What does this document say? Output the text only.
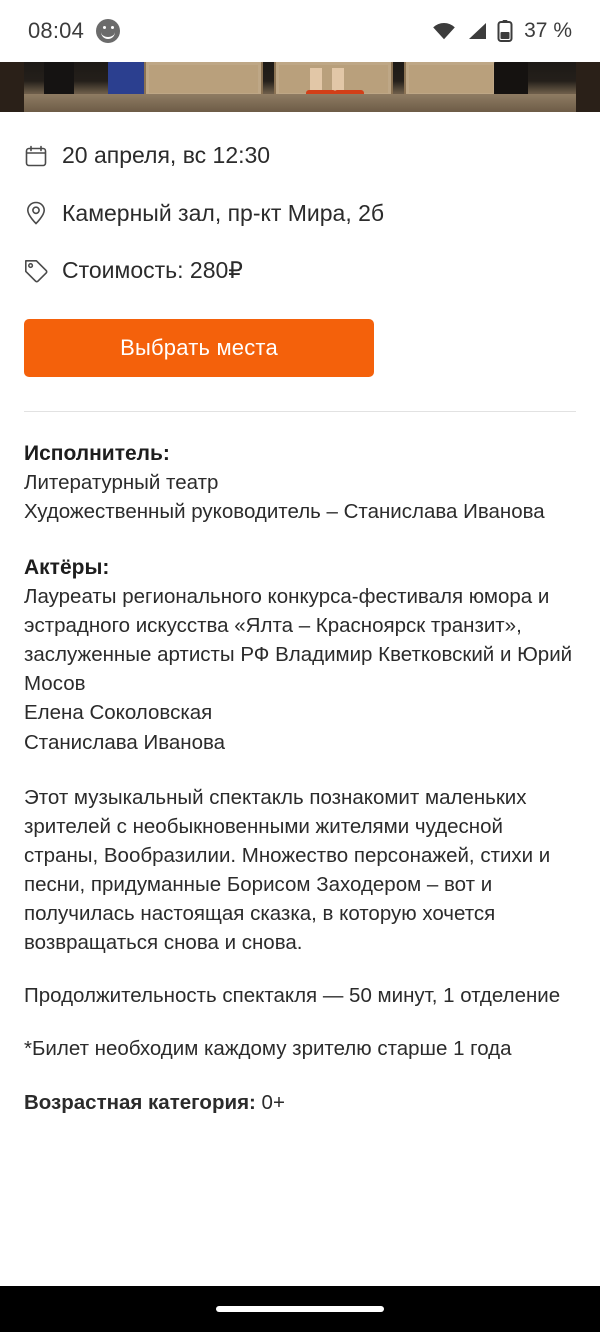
08:04	37 %
20 апреля, вс 12:30
Камерный зал, пр-кт Мира, 2б
Стоимость: 280₽
Выбрать места
Исполнитель:

Литературный театр

Художественный руководитель – Станислава Иванова

Актёры:

Лауреаты регионального конкурса-фестиваля юмора и эстрадного искусства «Ялта – Красноярск транзит», заслуженные артисты РФ Владимир Кветковский и Юрий Мосов

Елена Соколовская

Станислава Иванова

Этот музыкальный спектакль познакомит маленьких зрителей с необыкновенными жителями чудесной страны, Вообразилии. Множество персонажей, стихи и песни, придуманные Борисом Заходером – вот и получилась настоящая сказка, в которую хочется возвращаться снова и снова.

Продолжительность спектакля — 50 минут, 1 отделение

*Билет необходим каждому зрителю старше 1 года

Возрастная категория: 0+
